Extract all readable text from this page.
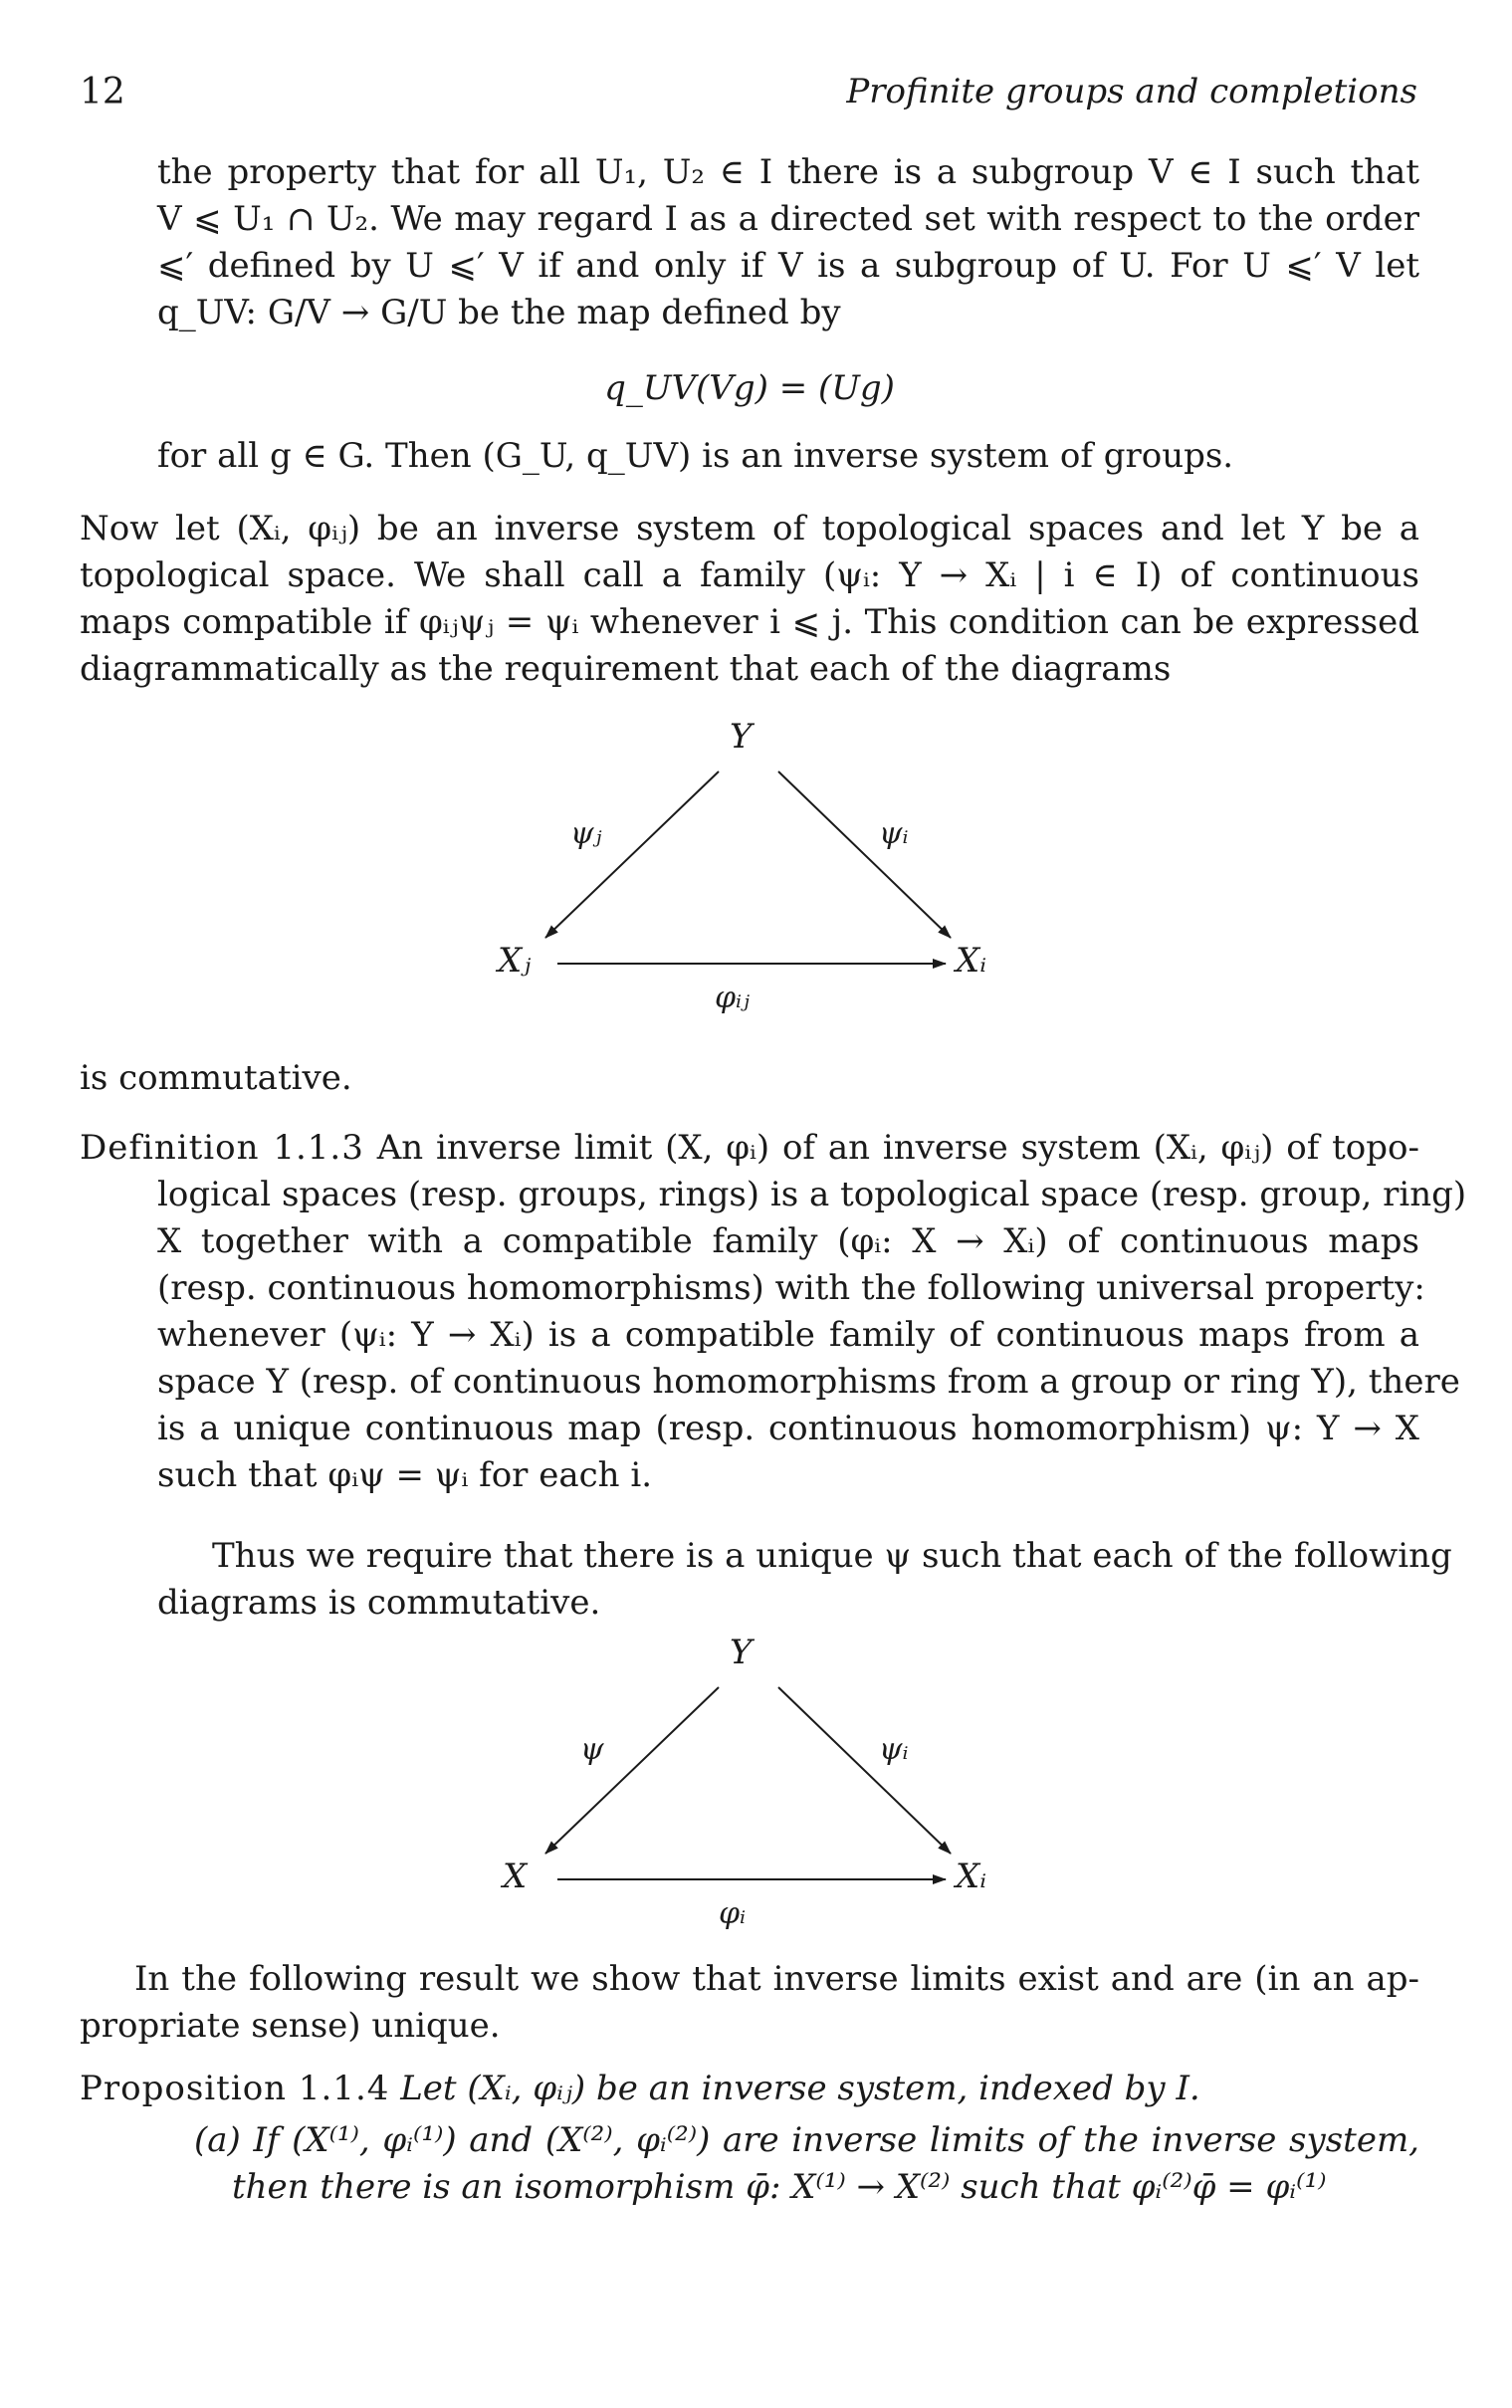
12	Profinite groups and completions
the property that for all U₁, U₂ ∈ I there is a subgroup V ∈ I such that
V ⩽ U₁ ∩ U₂. We may regard I as a directed set with respect to the order
⩽′ defined by U ⩽′ V if and only if V is a subgroup of U. For U ⩽′ V let
q_UV: G/V → G/U be the map defined by
q_UV(Vg) = (Ug)
for all g ∈ G. Then (G_U, q_UV) is an inverse system of groups.
Now let (Xᵢ, φᵢⱼ) be an inverse system of topological spaces and let Y be a
topological space. We shall call a family (ψᵢ: Y → Xᵢ | i ∈ I) of continuous
maps compatible if φᵢⱼψⱼ = ψᵢ whenever i ⩽ j. This condition can be expressed
diagrammatically as the requirement that each of the diagrams
Y
Xⱼ	Xᵢ
ψⱼ	ψᵢ
φᵢⱼ
is commutative.
Definition 1.1.3 An inverse limit (X, φᵢ) of an inverse system (Xᵢ, φᵢⱼ) of topo-
logical spaces (resp. groups, rings) is a topological space (resp. group, ring)
X together with a compatible family (φᵢ: X → Xᵢ) of continuous maps
(resp. continuous homomorphisms) with the following universal property:
whenever (ψᵢ: Y → Xᵢ) is a compatible family of continuous maps from a
space Y (resp. of continuous homomorphisms from a group or ring Y), there
is a unique continuous map (resp. continuous homomorphism) ψ: Y → X
such that φᵢψ = ψᵢ for each i.
Thus we require that there is a unique ψ such that each of the following
diagrams is commutative.
Y
X	Xᵢ
ψ	ψᵢ
φᵢ
In the following result we show that inverse limits exist and are (in an ap-
propriate sense) unique.
Proposition 1.1.4 Let (Xᵢ, φᵢⱼ) be an inverse system, indexed by I.
(a) If (X⁽¹⁾, φᵢ⁽¹⁾) and (X⁽²⁾, φᵢ⁽²⁾) are inverse limits of the inverse system,
then there is an isomorphism φ̄: X⁽¹⁾ → X⁽²⁾ such that φᵢ⁽²⁾φ̄ = φᵢ⁽¹⁾
